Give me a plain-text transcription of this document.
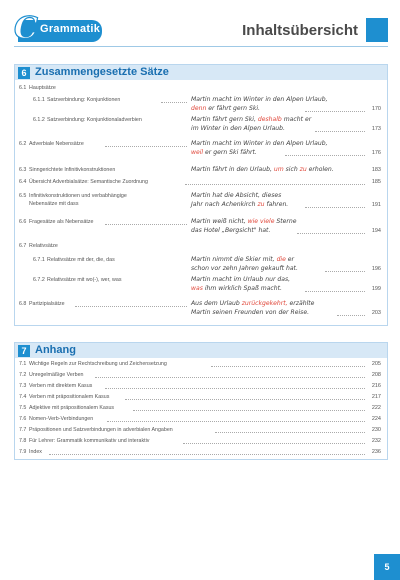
C Grammatik	Inhaltsübersicht
6 Zusammengesetzte Sätze
6.1 Hauptsätze
6.1.1 Satzverbindung: Konjunktionen	Martin macht im Winter in den Alpen Urlaub,
denn er fährt gern Ski.	170
6.1.2 Satzverbindung: Konjunktionaladverbien	Martin fährt gern Ski, deshalb macht er
im Winter in den Alpen Urlaub.	173
6.2 Adverbiale Nebensätze	Martin macht im Winter in den Alpen Urlaub,
weil er gern Ski fährt.	176
6.3 Sinngerichtete Infinitivkonstruktionen	Martin fährt in den Urlaub, um sich zu erholen.	183
6.4 Übersicht Adverbialsätze: Semantische Zuordnung	185
6.5 Infinitivkonstruktionen und verbabhängige
Nebensätze mit dass
Martin hat die Absicht, dieses
Jahr nach Achenkirch zu fahren.	191
6.6 Fragesätze als Nebensätze	Martin weiß nicht, wie viele Sterne
das Hotel „Bergsicht" hat.	194
6.7 Relativsätze
6.7.1 Relativsätze mit der, die, das	Martin nimmt die Skier mit, die er
schon vor zehn Jahren gekauft hat.	196
6.7.2 Relativsätze mit wo(-), wer, was	Martin macht im Urlaub nur das,
was ihm wirklich Spaß macht.	199
6.8 Partizipialsätze	Aus dem Urlaub zurückgekehrt, erzählte
Martin seinen Freunden von der Reise.	203
7 Anhang
7.1 Wichtige Regeln zur Rechtschreibung und Zeichensetzung	205
7.2 Unregelmäßige Verben	208
7.3 Verben mit direktem Kasus	216
7.4 Verben mit präpositionalem Kasus	217
7.5 Adjektive mit präpositionalem Kasus	222
7.6 Nomen-Verb-Verbindungen	224
7.7 Präpositionen und Satzverbindungen in adverbialen Angaben	230
7.8 Für Lehrer: Grammatik kommunikativ und interaktiv	232
7.9 Index	236
5
